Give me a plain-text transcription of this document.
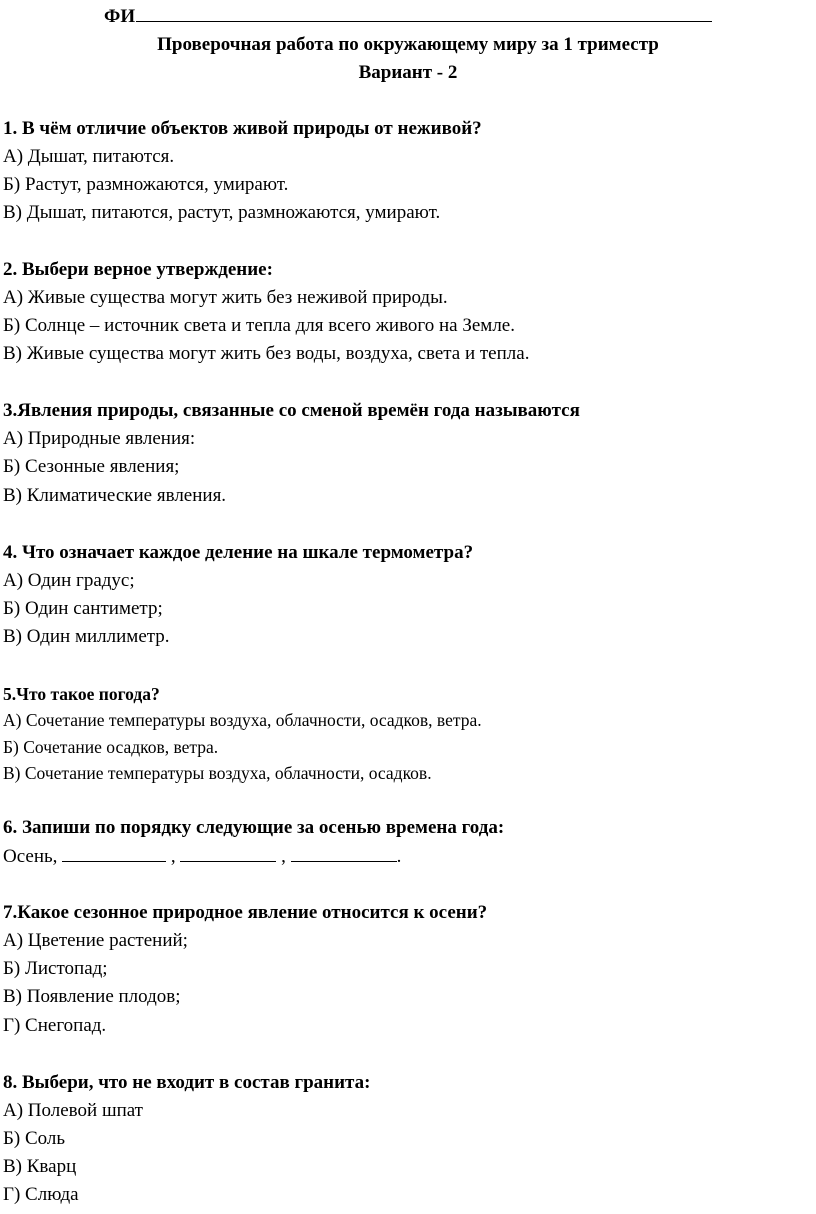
ФИ
Проверочная работа по окружающему миру за 1 триместр
Вариант - 2
1. В чём отличие объектов живой природы от неживой?
А) Дышат, питаются.
Б) Растут, размножаются, умирают.
В) Дышат, питаются, растут, размножаются, умирают.
2. Выбери верное утверждение:
А) Живые существа могут жить без неживой природы.
Б) Солнце – источник света и тепла для всего живого на Земле.
В) Живые существа могут жить без воды, воздуха, света и тепла.
3.Явления природы, связанные со сменой времён года называются
А) Природные явления:
Б) Сезонные явления;
В) Климатические явления.
4. Что означает каждое деление на шкале термометра?
А) Один градус;
Б) Один сантиметр;
В) Один миллиметр.
5.Что такое погода?
А) Сочетание температуры воздуха, облачности, осадков, ветра.
Б) Сочетание осадков, ветра.
В) Сочетание температуры воздуха, облачности, осадков.
6. Запиши по порядку следующие за осенью времена года:
Осень,	,	,	.
7.Какое сезонное природное явление относится к осени?
А) Цветение растений;
Б) Листопад;
В) Появление плодов;
Г) Снегопад.
8. Выбери, что не входит в состав гранита:
А) Полевой шпат
Б) Соль
В) Кварц
Г) Слюда
